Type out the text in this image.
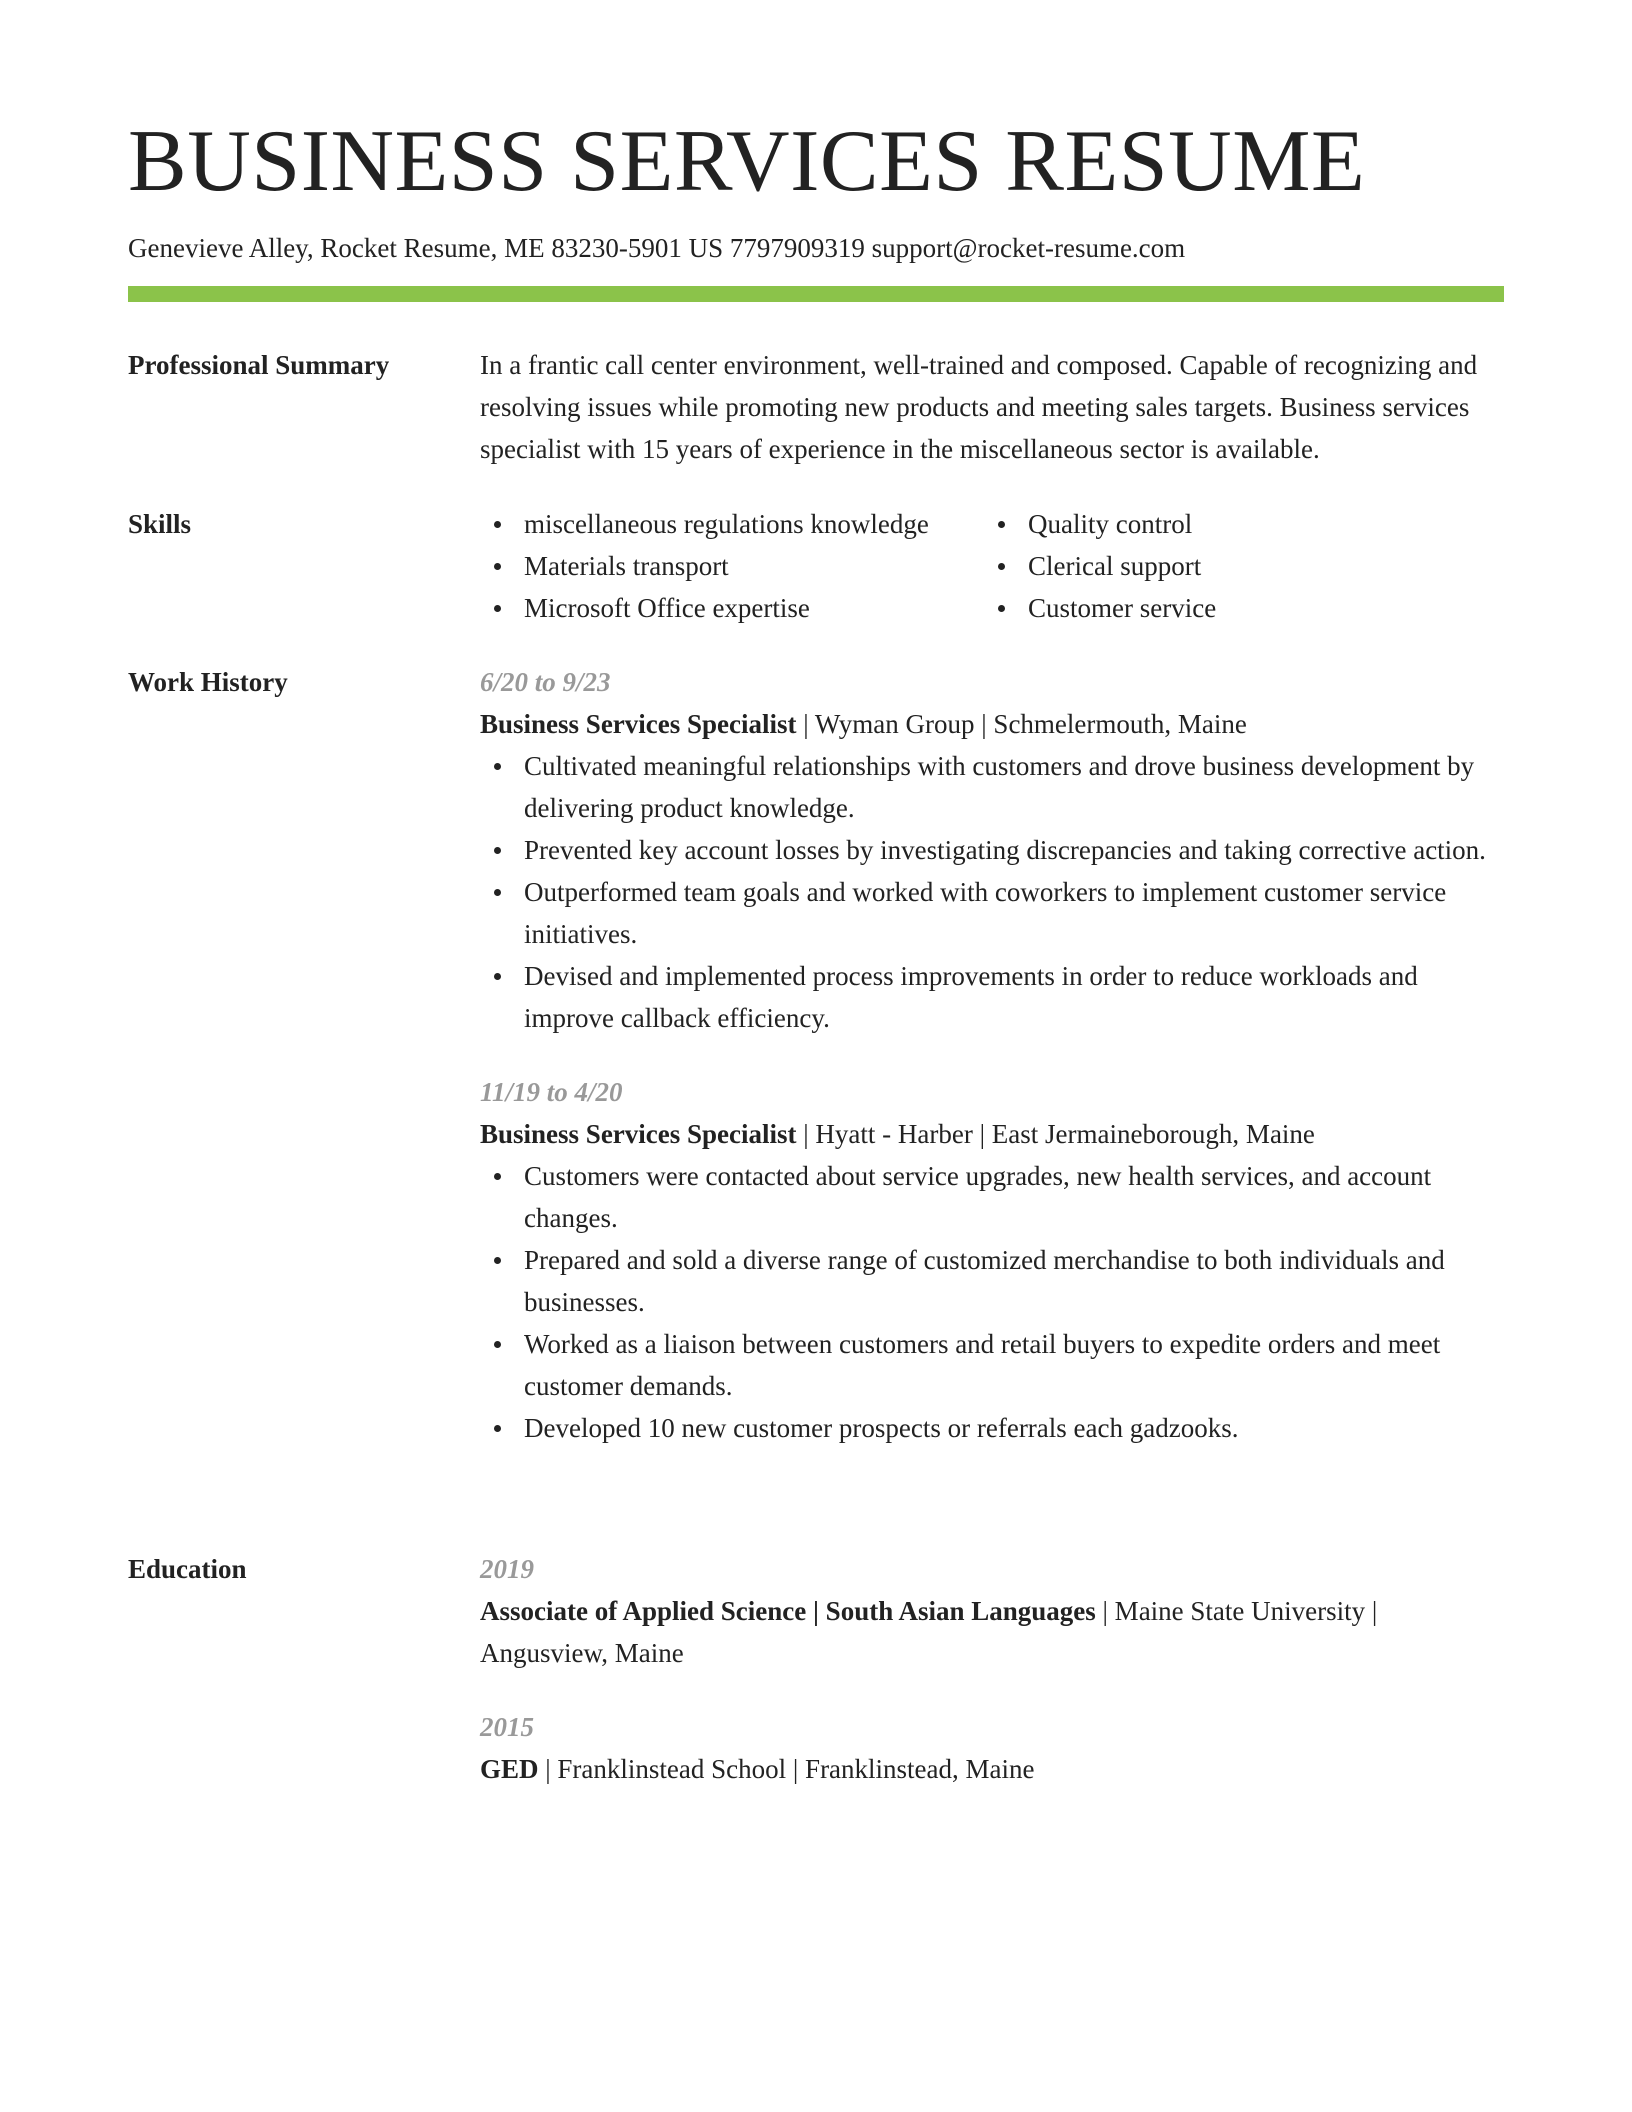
BUSINESS SERVICES RESUME
Genevieve Alley, Rocket Resume, ME 83230-5901 US 7797909319 support@rocket-resume.com
Professional Summary	In a frantic call center environment, well-trained and composed. Capable of recognizing and resolving issues while promoting new products and meeting sales targets. Business services specialist with 15 years of experience in the miscellaneous sector is available.

Skills	miscellaneous regulations knowledge
Materials transport
Microsoft Office expertise
Quality control
Clerical support
Customer service
Work History	6/20 to 9/23
Business Services Specialist | Wyman Group | Schmelermouth, Maine
Cultivated meaningful relationships with customers and drove business development by delivering product knowledge.
Prevented key account losses by investigating discrepancies and taking corrective action.
Outperformed team goals and worked with coworkers to implement customer service initiatives.
Devised and implemented process improvements in order to reduce workloads and improve callback efficiency.
11/19 to 4/20
Business Services Specialist | Hyatt - Harber | East Jermaineborough, Maine
Customers were contacted about service upgrades, new health services, and account changes.
Prepared and sold a diverse range of customized merchandise to both individuals and businesses.
Worked as a liaison between customers and retail buyers to expedite orders and meet customer demands.
Developed 10 new customer prospects or referrals each gadzooks.
Education	2019
Associate of Applied Science | South Asian Languages | Maine State University | Angusview, Maine
2015
GED | Franklinstead School | Franklinstead, Maine
